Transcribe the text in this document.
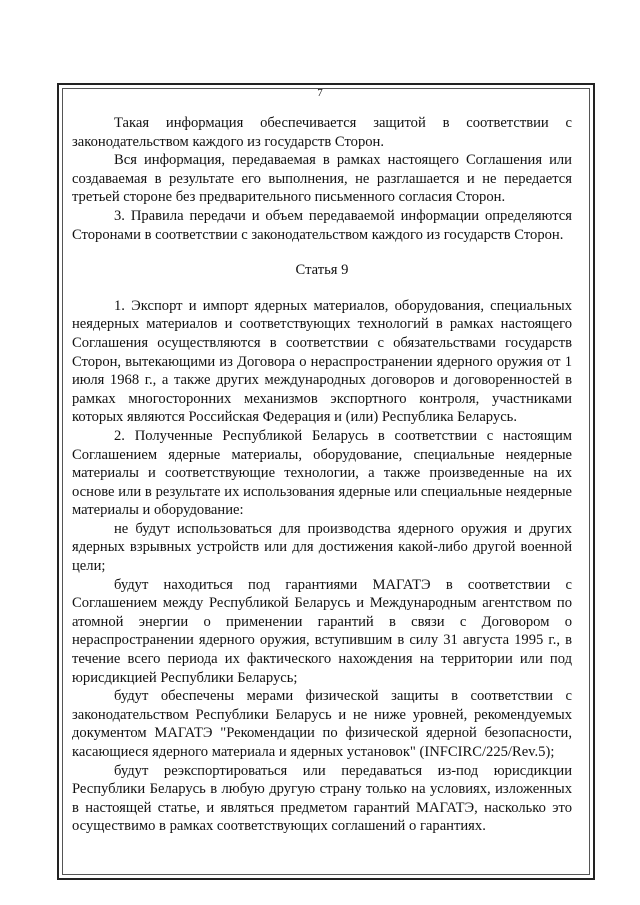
7

Такая информация обеспечивается защитой в соответствии с законодательством каждого из государств Сторон.

Вся информация, передаваемая в рамках настоящего Соглашения или создаваемая в результате его выполнения, не разглашается и не передается третьей стороне без предварительного письменного согласия Сторон.

3. Правила передачи и объем передаваемой информации определяются Сторонами в соответствии с законодательством каждого из государств Сторон.

Статья 9

1. Экспорт и импорт ядерных материалов, оборудования, специальных неядерных материалов и соответствующих технологий в рамках настоящего Соглашения осуществляются в соответствии с обязательствами государств Сторон, вытекающими из Договора о нераспространении ядерного оружия от 1 июля 1968 г., а также других международных договоров и договоренностей в рамках многосторонних механизмов экспортного контроля, участниками которых являются Российская Федерация и (или) Республика Беларусь.

2. Полученные Республикой Беларусь в соответствии с настоящим Соглашением ядерные материалы, оборудование, специальные неядерные материалы и соответствующие технологии, а также произведенные на их основе или в результате их использования ядерные или специальные неядерные материалы и оборудование:

не будут использоваться для производства ядерного оружия и других ядерных взрывных устройств или для достижения какой-либо другой военной цели;

будут находиться под гарантиями МАГАТЭ в соответствии с Соглашением между Республикой Беларусь и Международным агентством по атомной энергии о применении гарантий в связи с Договором о нераспространении ядерного оружия, вступившим в силу 31 августа 1995 г., в течение всего периода их фактического нахождения на территории или под юрисдикцией Республики Беларусь;

будут обеспечены мерами физической защиты в соответствии с законодательством Республики Беларусь и не ниже уровней, рекомендуемых документом МАГАТЭ "Рекомендации по физической ядерной безопасности, касающиеся ядерного материала и ядерных установок" (INFCIRC/225/Rev.5);

будут реэкспортироваться или передаваться из-под юрисдикции Республики Беларусь в любую другую страну только на условиях, изложенных в настоящей статье, и являться предметом гарантий МАГАТЭ, насколько это осуществимо в рамках соответствующих соглашений о гарантиях.
